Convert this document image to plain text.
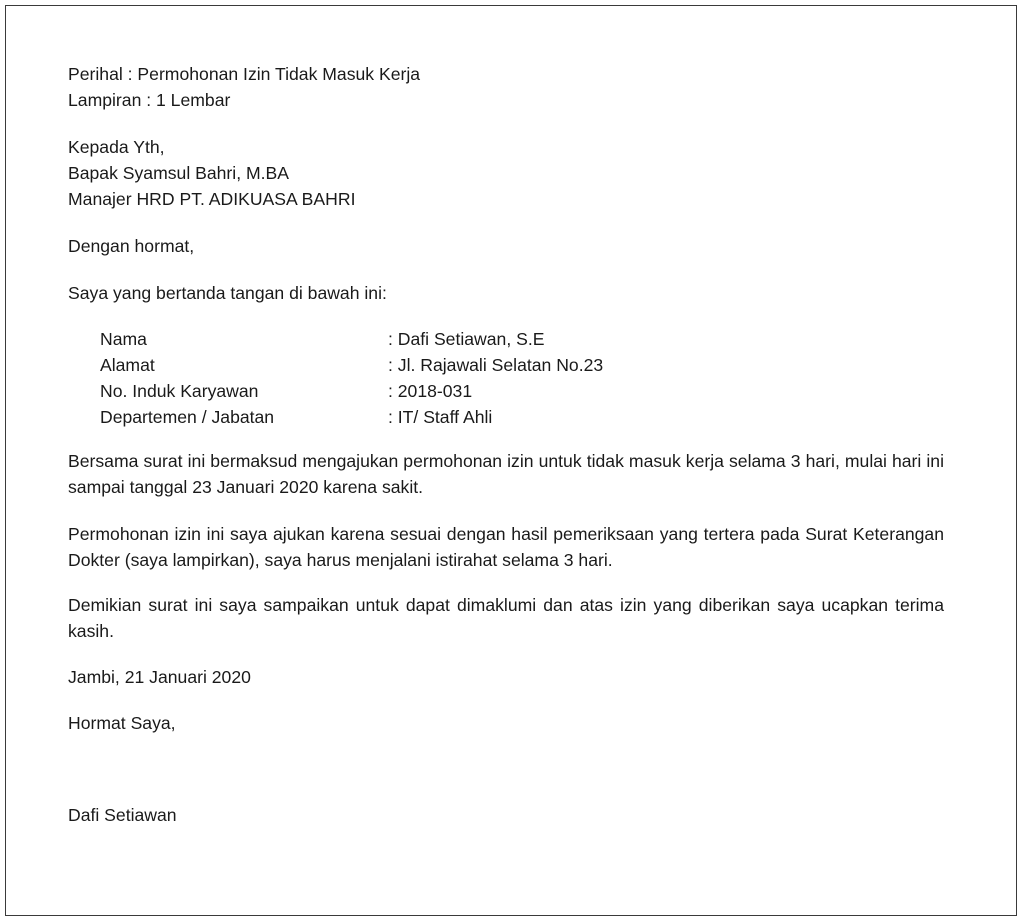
Perihal : Permohonan Izin Tidak Masuk Kerja

Lampiran : 1 Lembar

Kepada Yth,

Bapak Syamsul Bahri, M.BA

Manajer HRD PT. ADIKUASA BAHRI

Dengan hormat,

Saya yang bertanda tangan di bawah ini:

Nama	: Dafi Setiawan, S.E
Alamat	: Jl. Rajawali Selatan No.23
No. Induk Karyawan	: 2018-031
Departemen / Jabatan	: IT/ Staff Ahli

Bersama surat ini bermaksud mengajukan permohonan izin untuk tidak masuk kerja selama 3 hari, mulai hari ini sampai tanggal 23 Januari 2020 karena sakit.

Permohonan izin ini saya ajukan karena sesuai dengan hasil pemeriksaan yang tertera pada Surat Keterangan Dokter (saya lampirkan), saya harus menjalani istirahat selama 3 hari.

Demikian surat ini saya sampaikan untuk dapat dimaklumi dan atas izin yang diberikan saya ucapkan terima kasih.

Jambi, 21 Januari 2020

Hormat Saya,

Dafi Setiawan
